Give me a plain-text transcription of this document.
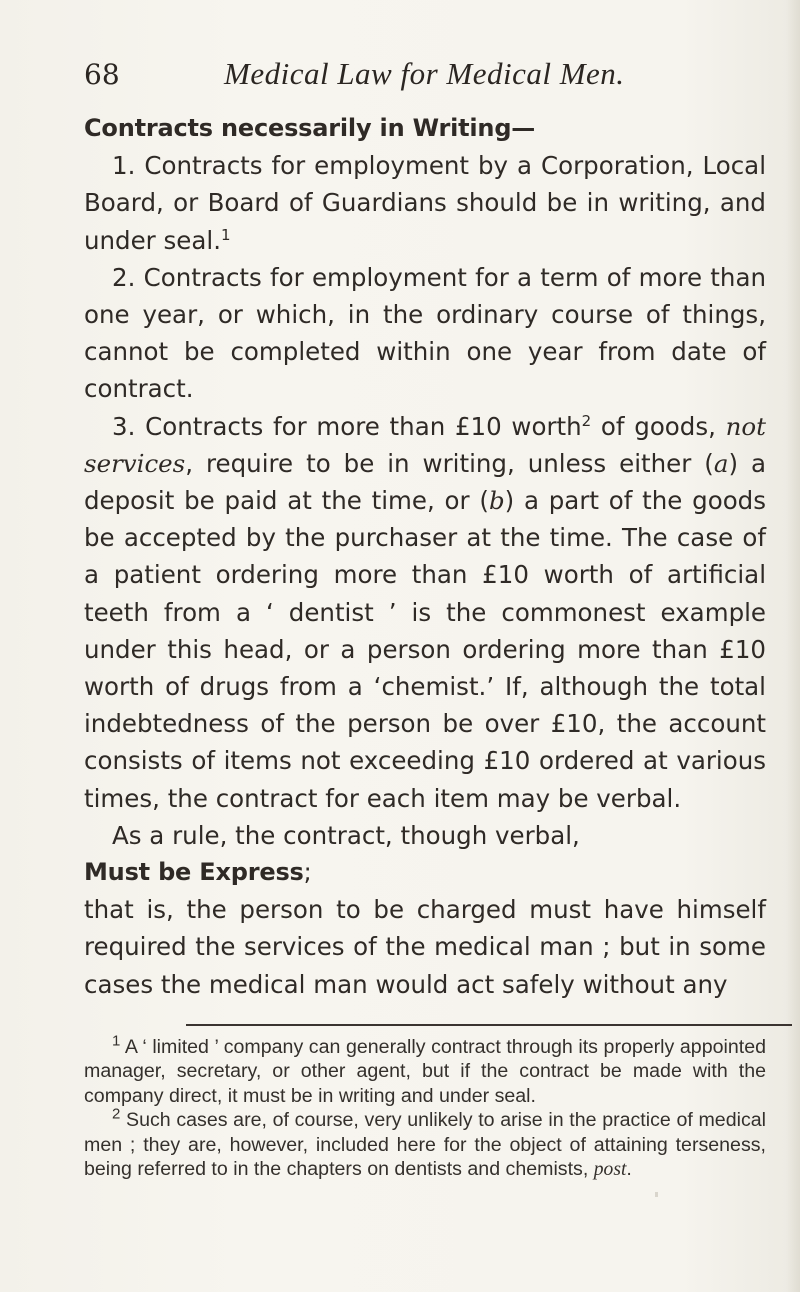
68	Medical Law for Medical Men.

Contracts necessarily in Writing—

1. Contracts for employment by a Corporation, Local Board, or Board of Guardians should be in writing, and under seal.$^1$

2. Contracts for employment for a term of more than one year, or which, in the ordinary course of things, cannot be completed within one year from date of contract.

3. Contracts for more than £10 worth$^2$ of goods, not services, require to be in writing, unless either (a) a deposit be paid at the time, or (b) a part of the goods be accepted by the purchaser at the time. The case of a patient ordering more than £10 worth of artificial teeth from a ‘ dentist ’ is the commonest example under this head, or a person ordering more than £10 worth of drugs from a ‘chemist.’ If, although the total indebtedness of the person be over £10, the account consists of items not exceeding £10 ordered at various times, the contract for each item may be verbal.

As a rule, the contract, though verbal,

Must be Express;

that is, the person to be charged must have himself required the services of the medical man ; but in some cases the medical man would act safely without any

$^1$ A ‘ limited ’ company can generally contract through its properly appointed manager, secretary, or other agent, but if the contract be made with the company direct, it must be in writing and under seal.

$^2$ Such cases are, of course, very unlikely to arise in the practice of medical men ; they are, however, included here for the object of attaining terseness, being referred to in the chapters on dentists and chemists, post.
